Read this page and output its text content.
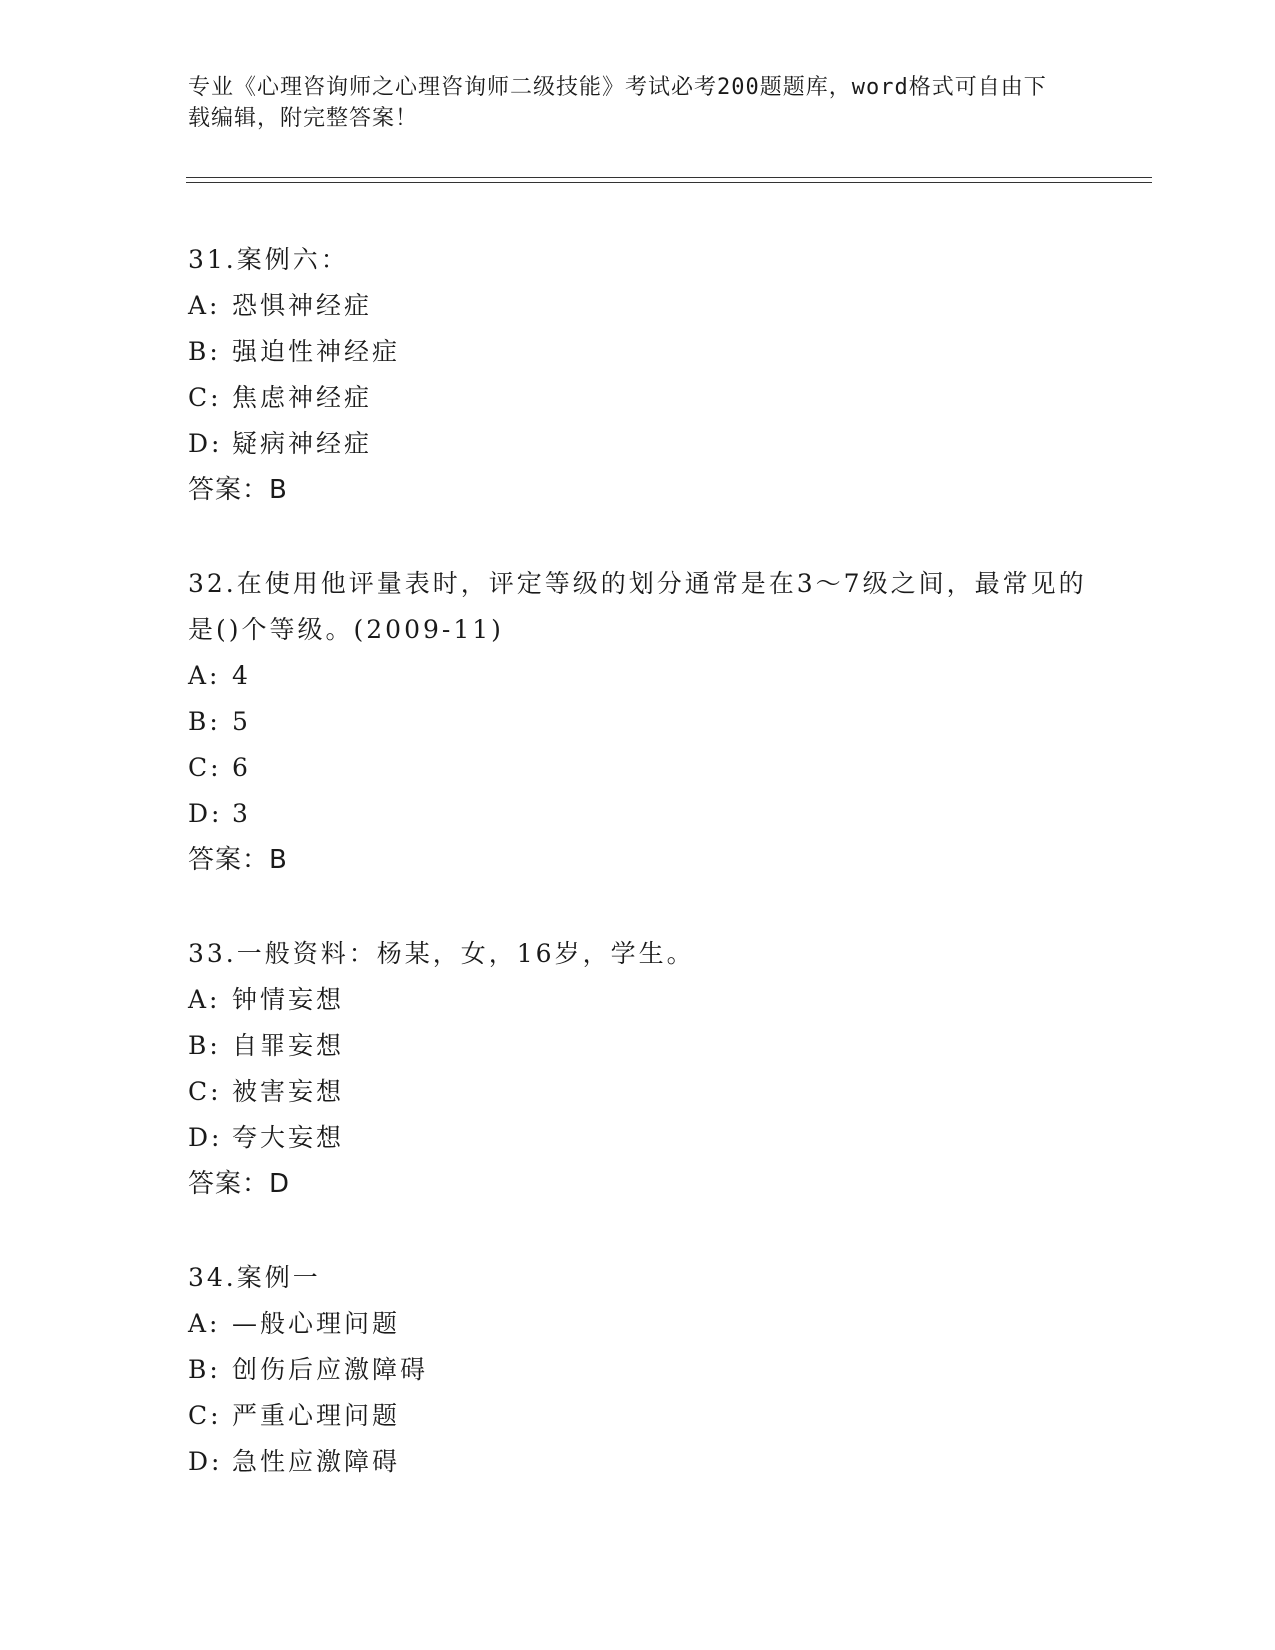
专业《心理咨询师之心理咨询师二级技能》考试必考200题题库，word格式可自由下载编辑，附完整答案！
31.案例六：
A: 恐惧神经症
B: 强迫性神经症
C: 焦虑神经症
D: 疑病神经症
答案：B
32.在使用他评量表时，评定等级的划分通常是在3～7级之间，最常见的是()个等级。(2009-11)
A: 4
B: 5
C: 6
D: 3
答案：B
33.一般资料：杨某，女，16岁，学生。
A: 钟情妄想
B: 自罪妄想
C: 被害妄想
D: 夸大妄想
答案：D
34.案例一
A: —般心理问题
B: 创伤后应激障碍
C: 严重心理问题
D: 急性应激障碍
